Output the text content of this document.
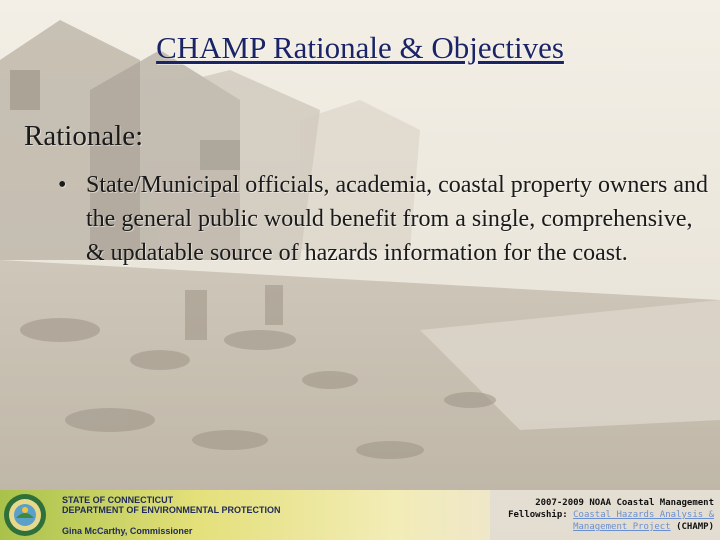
CHAMP Rationale & Objectives
Rationale:
• State/Municipal officials, academia, coastal property owners and the general public would benefit from a single, comprehensive, & updatable source of hazards information for the coast.
STATE OF CONNECTICUT
DEPARTMENT OF ENVIRONMENTAL PROTECTION
Gina McCarthy, Commissioner
2007-2009 NOAA Coastal Management
Fellowship: Coastal Hazards Analysis & Management Project (CHAMP)
